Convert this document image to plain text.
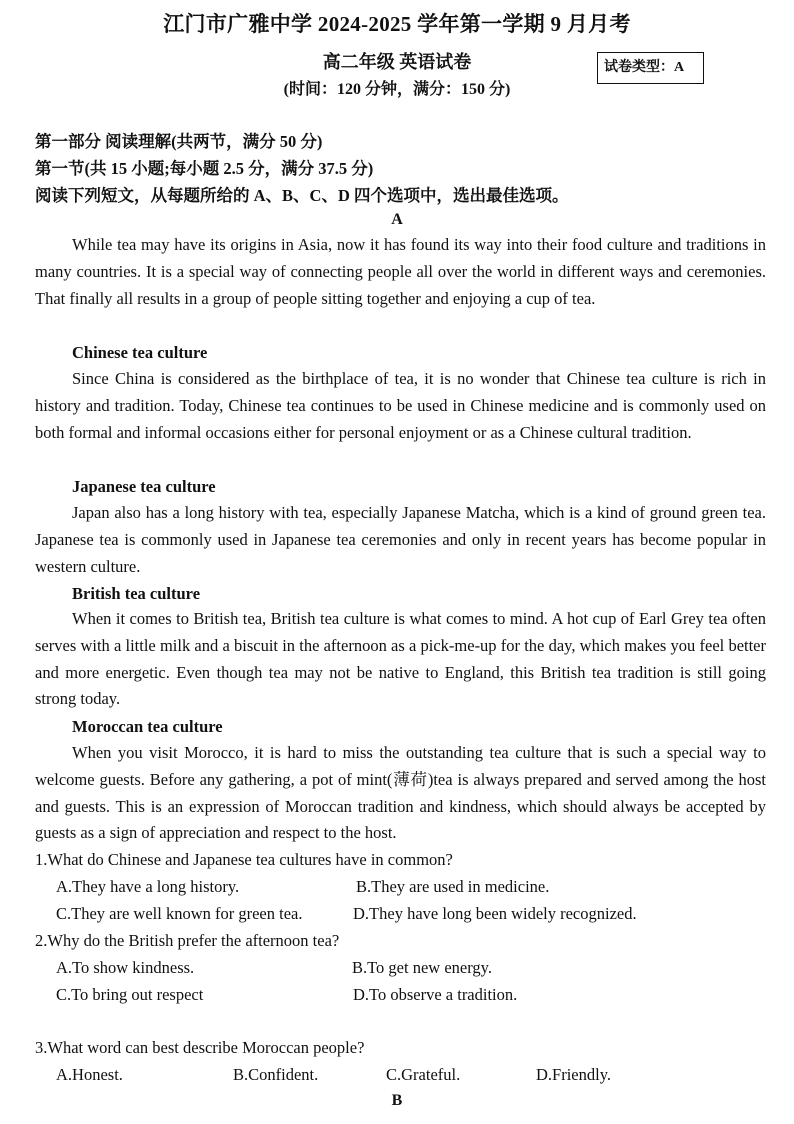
江门市广雅中学 2024-2025 学年第一学期 9 月月考
高二年级 英语试卷
(时间：120 分钟，满分：150 分)
试卷类型：A
第一部分 阅读理解(共两节，满分 50 分)
第一节(共 15 小题;每小题 2.5 分，满分 37.5 分)
阅读下列短文，从每题所给的 A、B、C、D 四个选项中，选出最佳选项。
A

While tea may have its origins in Asia, now it has found its way into their food culture and traditions in many countries. It is a special way of connecting people all over the world in different ways and ceremonies. That finally all results in a group of people sitting together and enjoying a cup of tea.

Chinese tea culture

Since China is considered as the birthplace of tea, it is no wonder that Chinese tea culture is rich in history and tradition. Today, Chinese tea continues to be used in Chinese medicine and is commonly used on both formal and informal occasions either for personal enjoyment or as a Chinese cultural tradition.

Japanese tea culture

Japan also has a long history with tea, especially Japanese Matcha, which is a kind of ground green tea. Japanese tea is commonly used in Japanese tea ceremonies and only in recent years has become popular in western culture.

British tea culture

When it comes to British tea, British tea culture is what comes to mind. A hot cup of Earl Grey tea often serves with a little milk and a biscuit in the afternoon as a pick-me-up for the day, which makes you feel better and more energetic. Even though tea may not be native to England, this British tea tradition is still going strong today.

Moroccan tea culture

When you visit Morocco, it is hard to miss the outstanding tea culture that is such a special way to welcome guests. Before any gathering, a pot of mint(薄荷)tea is always prepared and served among the host and guests. This is an expression of Moroccan tradition and kindness, which should always be accepted by guests as a sign of appreciation and respect to the host.

1.What do Chinese and Japanese tea cultures have in common?
A.They have a long history.	B.They are used in medicine.
C.They are well known for green tea.	D.They have long been widely recognized.
2.Why do the British prefer the afternoon tea?
A.To show kindness.	B.To get new energy.
C.To bring out respect	D.To observe a tradition.
3.What word can best describe Moroccan people?
A.Honest.	B.Confident.	C.Grateful.	D.Friendly.
B
